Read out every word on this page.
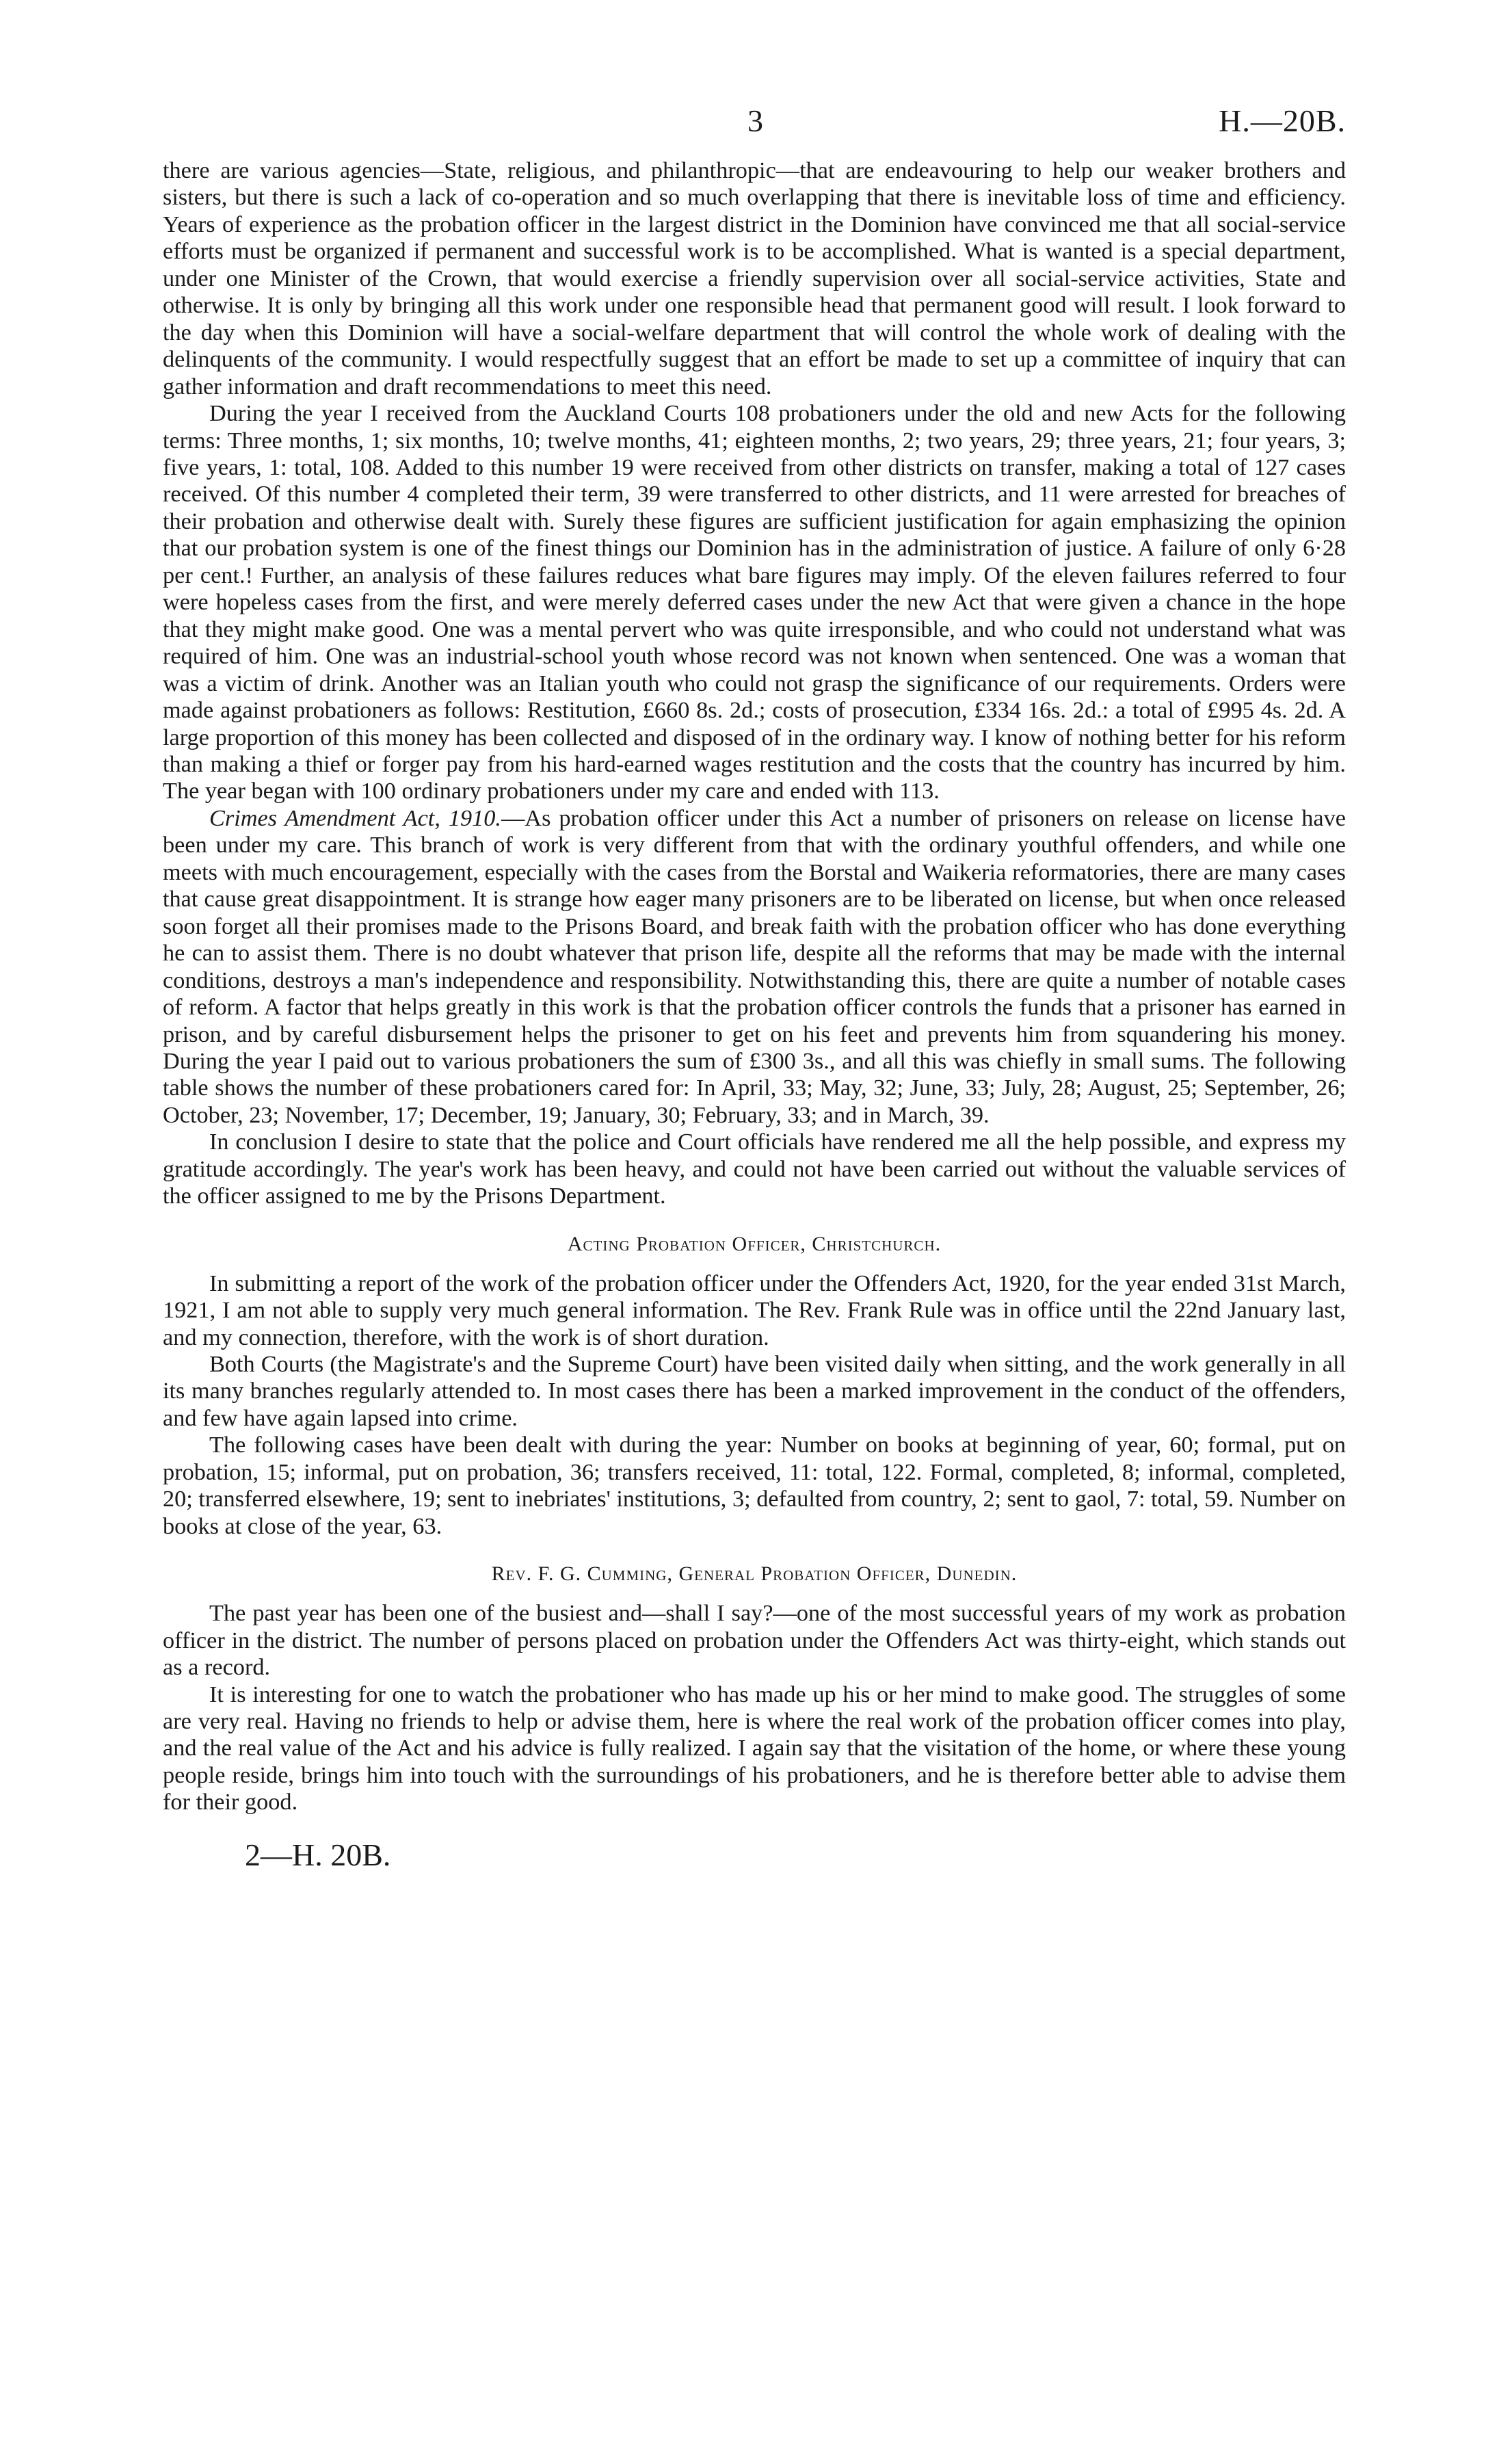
3	H.—20B.

there are various agencies—State, religious, and philanthropic—that are endeavouring to help our weaker brothers and sisters, but there is such a lack of co-operation and so much overlapping that there is inevitable loss of time and efficiency. Years of experience as the probation officer in the largest district in the Dominion have convinced me that all social-service efforts must be organized if permanent and successful work is to be accomplished. What is wanted is a special department, under one Minister of the Crown, that would exercise a friendly supervision over all social-service activities, State and otherwise. It is only by bringing all this work under one responsible head that permanent good will result. I look forward to the day when this Dominion will have a social-welfare department that will control the whole work of dealing with the delinquents of the community. I would respectfully suggest that an effort be made to set up a committee of inquiry that can gather information and draft recommendations to meet this need.

During the year I received from the Auckland Courts 108 probationers under the old and new Acts for the following terms: Three months, 1; six months, 10; twelve months, 41; eighteen months, 2; two years, 29; three years, 21; four years, 3; five years, 1: total, 108. Added to this number 19 were received from other districts on transfer, making a total of 127 cases received. Of this number 4 completed their term, 39 were transferred to other districts, and 11 were arrested for breaches of their probation and otherwise dealt with. Surely these figures are sufficient justification for again emphasizing the opinion that our probation system is one of the finest things our Dominion has in the administration of justice. A failure of only 6·28 per cent.! Further, an analysis of these failures reduces what bare figures may imply. Of the eleven failures referred to four were hopeless cases from the first, and were merely deferred cases under the new Act that were given a chance in the hope that they might make good. One was a mental pervert who was quite irresponsible, and who could not understand what was required of him. One was an industrial-school youth whose record was not known when sentenced. One was a woman that was a victim of drink. Another was an Italian youth who could not grasp the significance of our requirements. Orders were made against probationers as follows: Restitution, £660 8s. 2d.; costs of prosecution, £334 16s. 2d.: a total of £995 4s. 2d. A large proportion of this money has been collected and disposed of in the ordinary way. I know of nothing better for his reform than making a thief or forger pay from his hard-earned wages restitution and the costs that the country has incurred by him. The year began with 100 ordinary probationers under my care and ended with 113.

Crimes Amendment Act, 1910.—As probation officer under this Act a number of prisoners on release on license have been under my care. This branch of work is very different from that with the ordinary youthful offenders, and while one meets with much encouragement, especially with the cases from the Borstal and Waikeria reformatories, there are many cases that cause great disappointment. It is strange how eager many prisoners are to be liberated on license, but when once released soon forget all their promises made to the Prisons Board, and break faith with the probation officer who has done everything he can to assist them. There is no doubt whatever that prison life, despite all the reforms that may be made with the internal conditions, destroys a man's independence and responsibility. Notwithstanding this, there are quite a number of notable cases of reform. A factor that helps greatly in this work is that the probation officer controls the funds that a prisoner has earned in prison, and by careful disbursement helps the prisoner to get on his feet and prevents him from squandering his money. During the year I paid out to various probationers the sum of £300 3s., and all this was chiefly in small sums. The following table shows the number of these probationers cared for: In April, 33; May, 32; June, 33; July, 28; August, 25; September, 26; October, 23; November, 17; December, 19; January, 30; February, 33; and in March, 39.

In conclusion I desire to state that the police and Court officials have rendered me all the help possible, and express my gratitude accordingly. The year's work has been heavy, and could not have been carried out without the valuable services of the officer assigned to me by the Prisons Department.

Acting Probation Officer, Christchurch.

In submitting a report of the work of the probation officer under the Offenders Act, 1920, for the year ended 31st March, 1921, I am not able to supply very much general information. The Rev. Frank Rule was in office until the 22nd January last, and my connection, therefore, with the work is of short duration.

Both Courts (the Magistrate's and the Supreme Court) have been visited daily when sitting, and the work generally in all its many branches regularly attended to. In most cases there has been a marked improvement in the conduct of the offenders, and few have again lapsed into crime.

The following cases have been dealt with during the year: Number on books at beginning of year, 60; formal, put on probation, 15; informal, put on probation, 36; transfers received, 11: total, 122. Formal, completed, 8; informal, completed, 20; transferred elsewhere, 19; sent to inebriates' institutions, 3; defaulted from country, 2; sent to gaol, 7: total, 59. Number on books at close of the year, 63.

Rev. F. G. Cumming, General Probation Officer, Dunedin.

The past year has been one of the busiest and—shall I say?—one of the most successful years of my work as probation officer in the district. The number of persons placed on probation under the Offenders Act was thirty-eight, which stands out as a record.

It is interesting for one to watch the probationer who has made up his or her mind to make good. The struggles of some are very real. Having no friends to help or advise them, here is where the real work of the probation officer comes into play, and the real value of the Act and his advice is fully realized. I again say that the visitation of the home, or where these young people reside, brings him into touch with the surroundings of his probationers, and he is therefore better able to advise them for their good.

2—H. 20B.
